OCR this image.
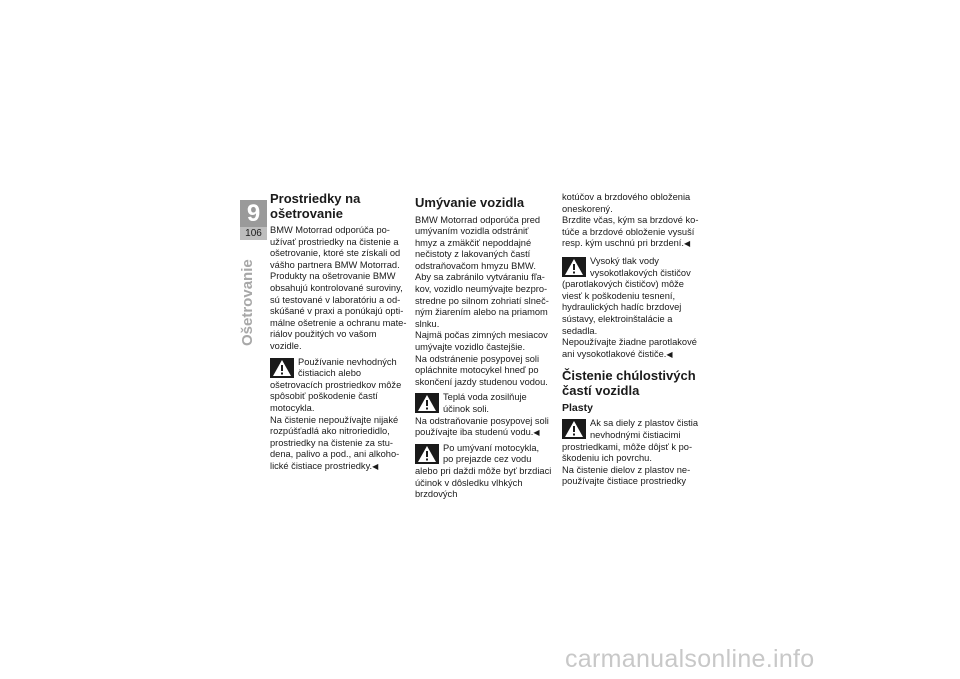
9
106
Ošetrovanie
Prostriedky na ošetrovanie

BMW Motorrad odporúča používať prostriedky na čistenie a ošetrovanie, ktoré ste získali od vášho partnera BMW Motorrad. Produkty na ošetrovanie BMW obsahujú kontrolované suroviny, sú testované v laboratóriu a odskúšané v praxi a ponúkajú optimálne ošetrenie a ochranu materiálov použitých vo vašom vozidle.

Používanie nevhodných čistiacich alebo ošetrovacích prostriedkov môže spôsobiť poškodenie častí motocykla.

Na čistenie nepoužívajte nijaké rozpúšťadlá ako nitroriedidlo, prostriedky na čistenie za studena, palivo a pod., ani alkoholické čistiace prostriedky.◀

Umývanie vozidla

BMW Motorrad odporúča pred umývaním vozidla odstrániť hmyz a zmäkčiť nepoddajné nečistoty z lakovaných častí odstraňovačom hmyzu BMW.

Aby sa zabránilo vytváraniu fľakov, vozidlo neumývajte bezprostredne po silnom zohriatí slnečným žiarením alebo na priamom slnku.

Najmä počas zimných mesiacov umývajte vozidlo častejšie.

Na odstránenie posypovej soli opláchnite motocykel hneď po skončení jazdy studenou vodou.

Teplá voda zosilňuje účinok soli.

Na odstraňovanie posypovej soli používajte iba studenú vodu.◀

Po umývaní motocykla, po prejazde cez vodu alebo pri daždi môže byť brzdiaci účinok v dôsledku vlhkých brzdových

kotúčov a brzdového obloženia oneskorený.

Brzdite včas, kým sa brzdové kotúče a brzdové obloženie vysuší resp. kým uschnú pri brzdení.◀

Vysoký tlak vody vysokotlakových čističov (parotlakových čističov) môže viesť k poškodeniu tesnení, hydraulických hadíc brzdovej sústavy, elektroinštalácie a sedadla.

Nepoužívajte žiadne parotlakové ani vysokotlakové čističe.◀

Čistenie chúlostivých častí vozidla
Plasty
Ak sa diely z plastov čistia nevhodnými čistiacimi prostriedkami, môže dôjsť k poškodeniu ich povrchu.

Na čistenie dielov z plastov nepoužívajte čistiace prostriedky

carmanualsonline.info
